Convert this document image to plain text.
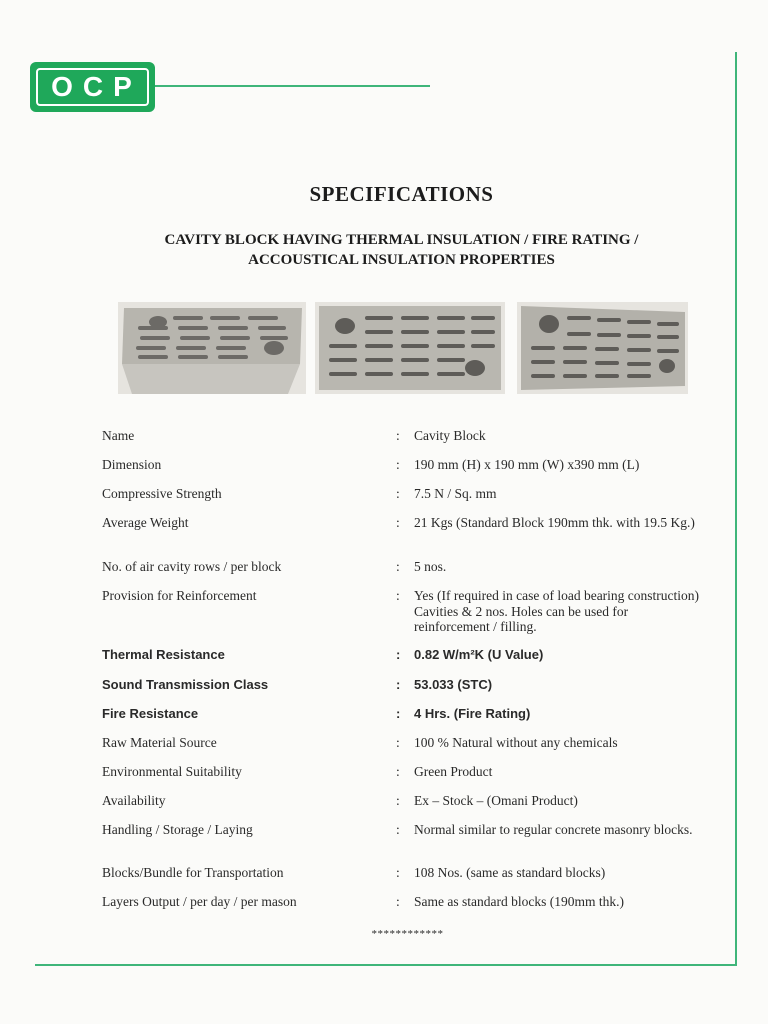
OCP
SPECIFICATIONS
CAVITY BLOCK HAVING THERMAL INSULATION / FIRE RATING /
ACCOUSTICAL INSULATION PROPERTIES
Name	: Cavity Block
Dimension	: 190 mm (H) x 190 mm (W) x390 mm (L)
Compressive Strength	: 7.5 N / Sq. mm
Average Weight	: 21 Kgs (Standard Block 190mm thk. with 19.5 Kg.)
No. of air cavity rows / per block	: 5 nos.
Provision for Reinforcement	: Yes (If required in case of load bearing construction) Cavities & 2 nos. Holes can be used for reinforcement / filling.
Thermal Resistance	: 0.82 W/m²K (U Value)
Sound Transmission Class	: 53.033 (STC)
Fire Resistance	: 4 Hrs. (Fire Rating)
Raw Material Source	: 100 % Natural without any chemicals
Environmental Suitability	: Green Product
Availability	: Ex – Stock – (Omani Product)
Handling / Storage / Laying	: Normal similar to regular concrete masonry blocks.
Blocks/Bundle for Transportation	: 108 Nos. (same as standard blocks)
Layers Output / per day / per mason	: Same as standard blocks (190mm thk.)
************
